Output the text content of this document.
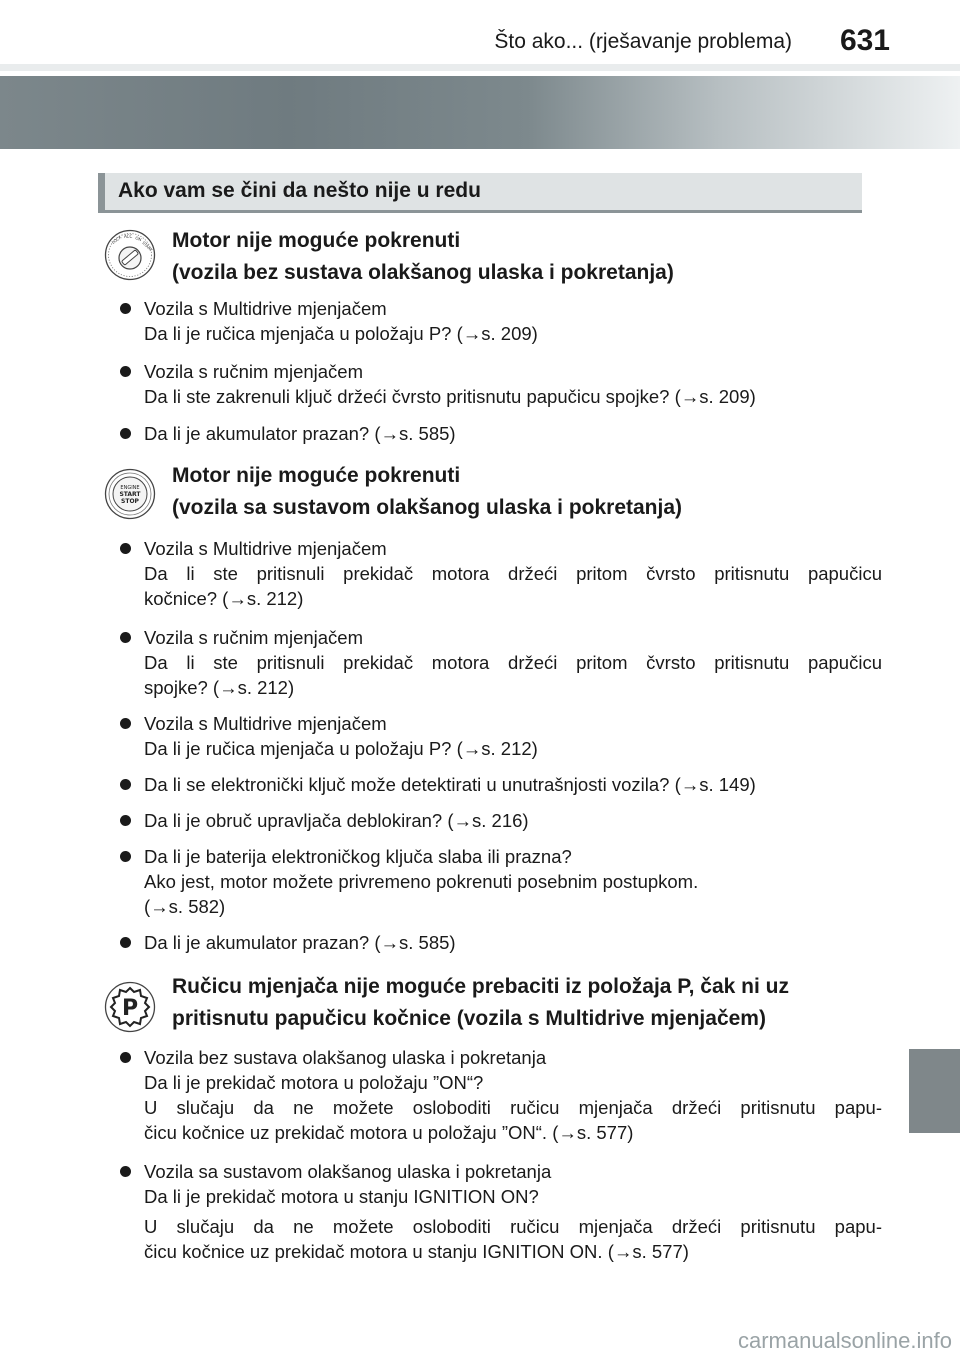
Što ako... (rješavanje problema) 631
Ako vam se čini da nešto nije u redu
LOCK ACC ON
START Motor nije moguće pokrenuti
(vozila bez sustava olakšanog ulaska i pokretanja)
Vozila s Multidrive mjenjačem
Da li je ručica mjenjača u položaju P? (→s. 209)
Vozila s ručnim mjenjačem
Da li ste zakrenuli ključ držeći čvrsto pritisnutu papučicu spojke? (→s. 209)
Da li je akumulator prazan? (→s. 585)
ENGINE
START
STOP
Motor nije moguće pokrenuti
(vozila sa sustavom olakšanog ulaska i pokretanja)
Vozila s Multidrive mjenjačem
Da li ste pritisnuli prekidač motora držeći pritom čvrsto pritisnutu papučicu
kočnice? (→s. 212)
Vozila s ručnim mjenjačem
Da li ste pritisnuli prekidač motora držeći pritom čvrsto pritisnutu papučicu
spojke? (→s. 212)
Vozila s Multidrive mjenjačem
Da li je ručica mjenjača u položaju P? (→s. 212)
Da li se elektronički ključ može detektirati u unutrašnjosti vozila? (→s. 149)
Da li je obruč upravljača deblokiran? (→s. 216)
Da li je baterija elektroničkog ključa slaba ili prazna?
Ako jest, motor možete privremeno pokrenuti posebnim postupkom.
(→s. 582)
Da li je akumulator prazan? (→s. 585)
P
Ručicu mjenjača nije moguće prebaciti iz položaja P, čak ni uz
pritisnutu papučicu kočnice (vozila s Multidrive mjenjačem)
Vozila bez sustava olakšanog ulaska i pokretanja
Da li je prekidač motora u položaju ”ON“?
U slučaju da ne možete osloboditi ručicu mjenjača držeći pritisnutu papu-
čicu kočnice uz prekidač motora u položaju ”ON“. (→s. 577)
Vozila sa sustavom olakšanog ulaska i pokretanja
Da li je prekidač motora u stanju IGNITION ON?
U slučaju da ne možete osloboditi ručicu mjenjača držeći pritisnutu papu-
čicu kočnice uz prekidač motora u stanju IGNITION ON. (→s. 577)
carmanualsonline.info
